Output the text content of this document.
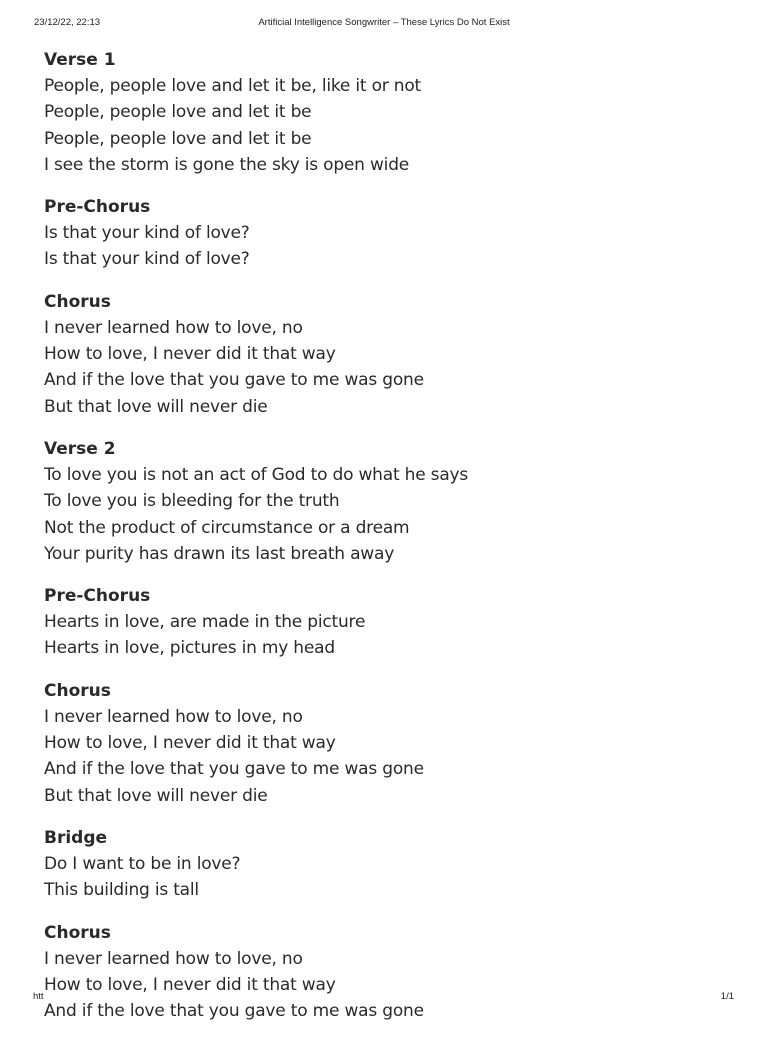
23/12/22, 22:13	Artificial Intelligence Songwriter – These Lyrics Do Not Exist
Verse 1
People, people love and let it be, like it or not
People, people love and let it be
People, people love and let it be
I see the storm is gone the sky is open wide
Pre-Chorus
Is that your kind of love?
Is that your kind of love?
Chorus
I never learned how to love, no
How to love, I never did it that way
And if the love that you gave to me was gone
But that love will never die
Verse 2
To love you is not an act of God to do what he says
To love you is bleeding for the truth
Not the product of circumstance or a dream
Your purity has drawn its last breath away
Pre-Chorus
Hearts in love, are made in the picture
Hearts in love, pictures in my head
Chorus
I never learned how to love, no
How to love, I never did it that way
And if the love that you gave to me was gone
But that love will never die
Bridge
Do I want to be in love?
This building is tall
Chorus
I never learned how to love, no
How to love, I never did it that way
And if the love that you gave to me was gone
htt	1/1
